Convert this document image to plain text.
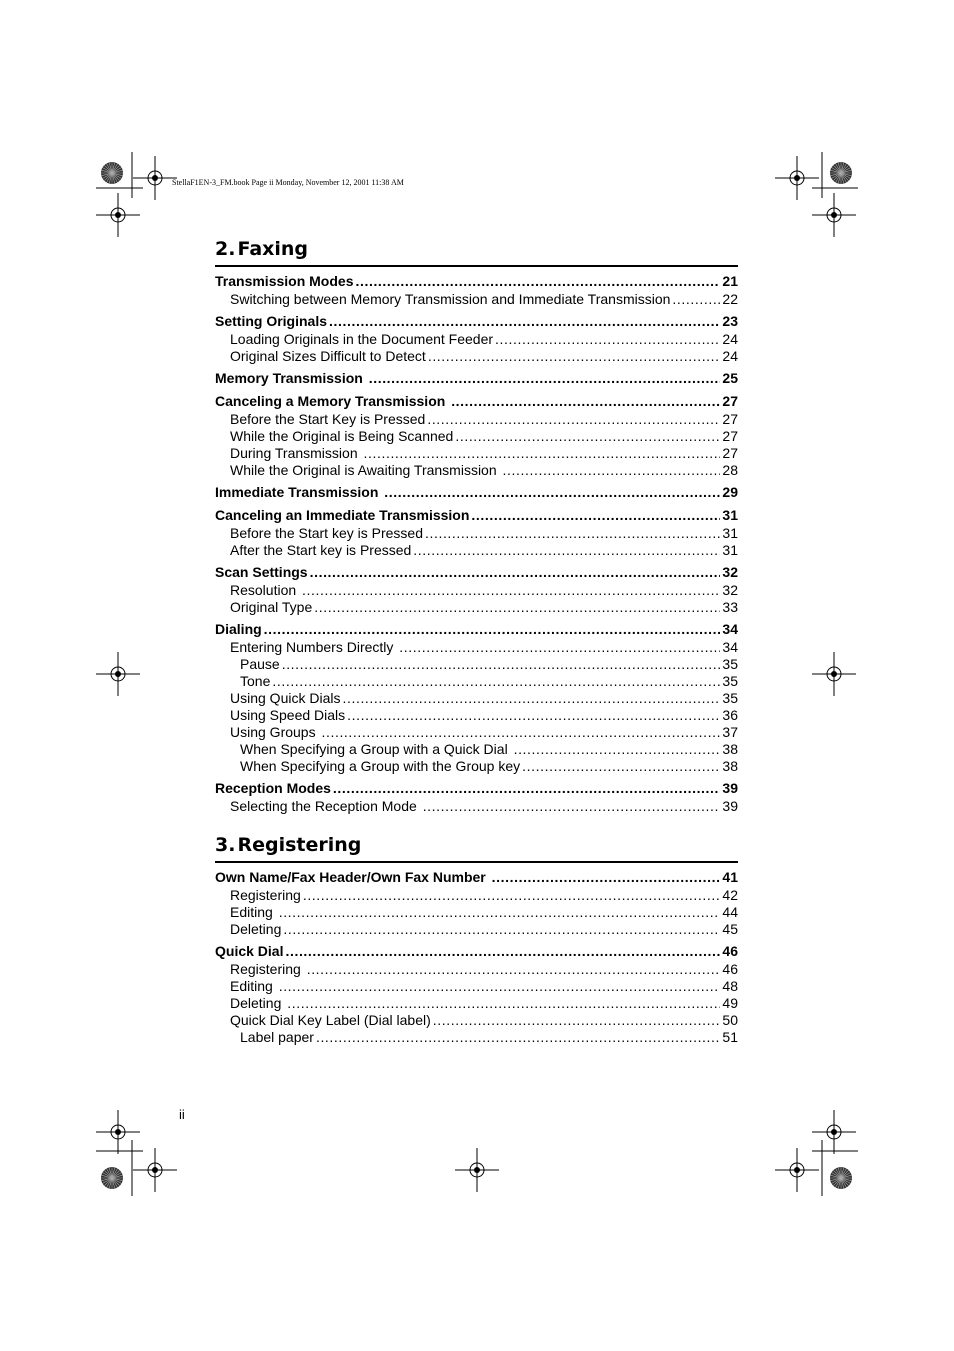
StellaF1EN-3_FM.book Page ii Monday, November 12, 2001 11:38 AM
2. Faxing
Transmission Modes .....	21
Switching between Memory Transmission and Immediate Transmission .....	22
Setting Originals .....	23
Loading Originals in the Document Feeder .....	24
Original Sizes Difficult to Detect .....	24
Memory Transmission .....	25
Canceling a Memory Transmission .....	27
Before the Start Key is Pressed .....	27
While the Original is Being Scanned .....	27
During Transmission .....	27
While the Original is Awaiting Transmission .....	28
Immediate Transmission .....	29
Canceling an Immediate Transmission .....	31
Before the Start key is Pressed .....	31
After the Start key is Pressed .....	31
Scan Settings .....	32
Resolution .....	32
Original Type .....	33
Dialing .....	34
Entering Numbers Directly .....	34
Pause .....	35
Tone .....	35
Using Quick Dials .....	35
Using Speed Dials .....	36
Using Groups .....	37
When Specifying a Group with a Quick Dial .....	38
When Specifying a Group with the Group key .....	38
Reception Modes .....	39
Selecting the Reception Mode .....	39
3. Registering
Own Name/Fax Header/Own Fax Number .....	41
Registering .....	42
Editing .....	44
Deleting .....	45
Quick Dial .....	46
Registering .....	46
Editing .....	48
Deleting .....	49
Quick Dial Key Label (Dial label) .....	50
Label paper .....	51
ii
